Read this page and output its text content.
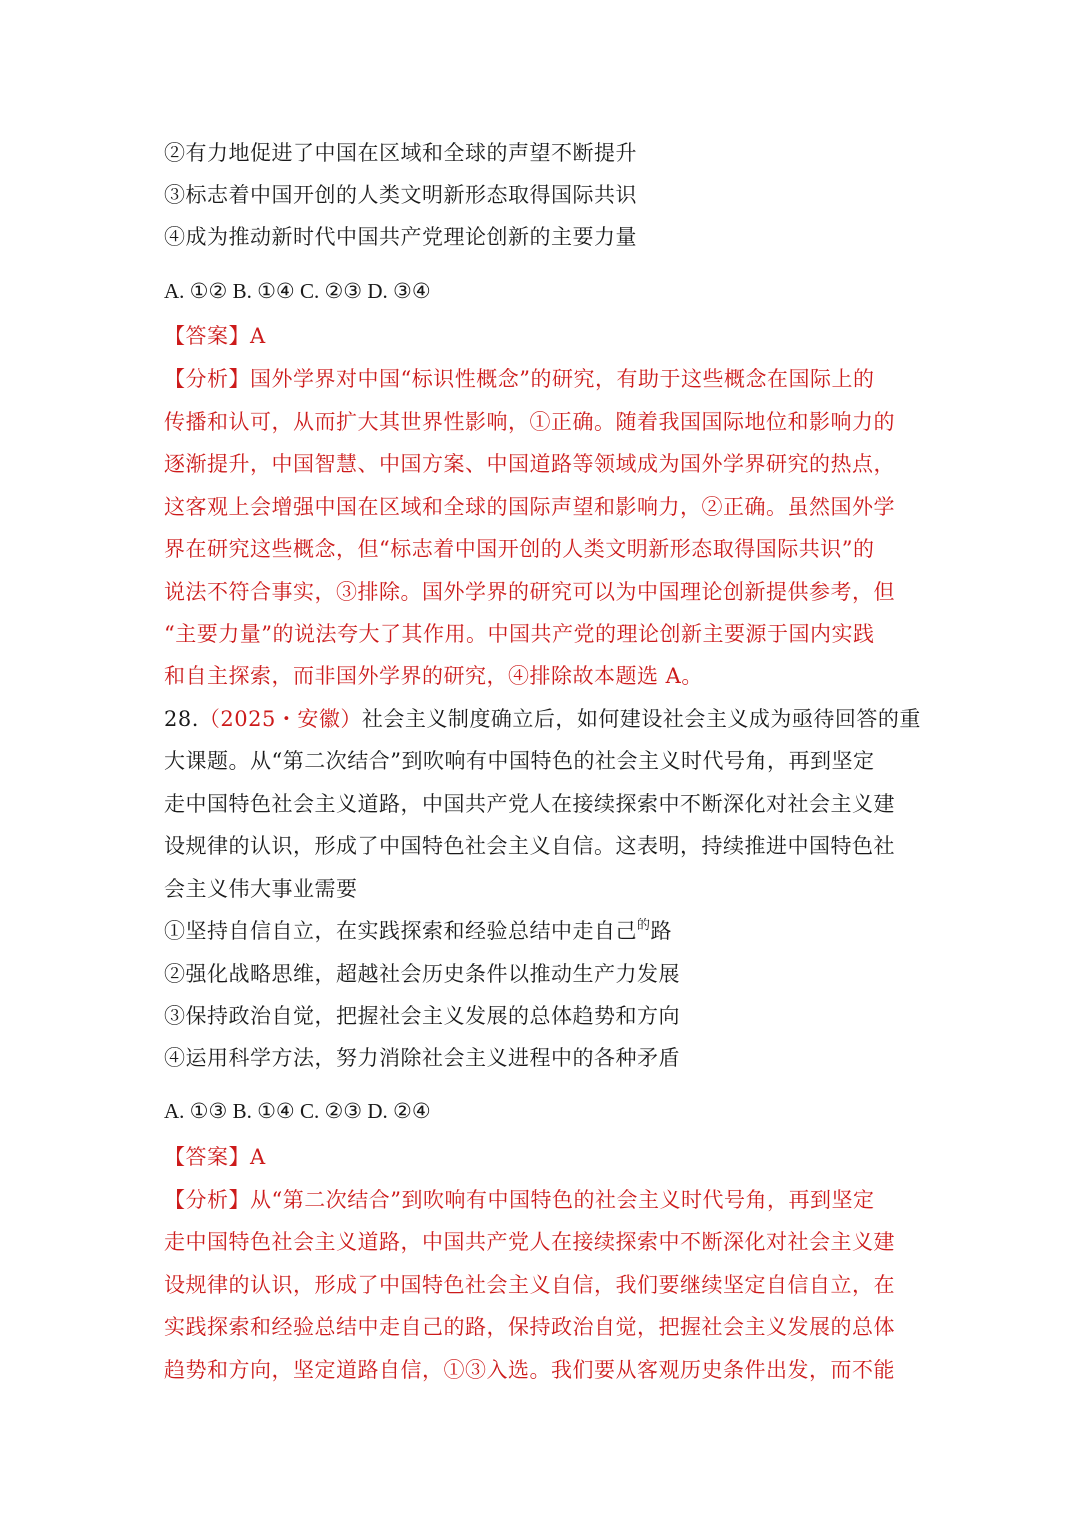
②有力地促进了中国在区域和全球的声望不断提升
③标志着中国开创的人类文明新形态取得国际共识
④成为推动新时代中国共产党理论创新的主要力量
A. ①② B. ①④ C. ②③ D. ③④
【答案】A
【分析】国外学界对中国“标识性概念”的研究，有助于这些概念在国际上的
传播和认可，从而扩大其世界性影响，①正确。随着我国国际地位和影响力的
逐渐提升，中国智慧、中国方案、中国道路等领域成为国外学界研究的热点，
这客观上会增强中国在区域和全球的国际声望和影响力，②正确。虽然国外学
界在研究这些概念，但“标志着中国开创的人类文明新形态取得国际共识”的
说法不符合事实，③排除。国外学界的研究可以为中国理论创新提供参考，但
“主要力量”的说法夸大了其作用。中国共产党的理论创新主要源于国内实践
和自主探索，而非国外学界的研究，④排除故本题选 A。
28.（2025・安徽）社会主义制度确立后，如何建设社会主义成为亟待回答的重
大课题。从“第二次结合”到吹响有中国特色的社会主义时代号角，再到坚定
走中国特色社会主义道路，中国共产党人在接续探索中不断深化对社会主义建
设规律的认识，形成了中国特色社会主义自信。这表明，持续推进中国特色社
会主义伟大事业需要
①坚持自信自立，在实践探索和经验总结中走自己$^的$路
②强化战略思维，超越社会历史条件以推动生产力发展
③保持政治自觉，把握社会主义发展的总体趋势和方向
④运用科学方法，努力消除社会主义进程中的各种矛盾
A. ①③ B. ①④ C. ②③ D. ②④
【答案】A
【分析】从“第二次结合”到吹响有中国特色的社会主义时代号角，再到坚定
走中国特色社会主义道路，中国共产党人在接续探索中不断深化对社会主义建
设规律的认识，形成了中国特色社会主义自信，我们要继续坚定自信自立，在
实践探索和经验总结中走自己的路，保持政治自觉，把握社会主义发展的总体
趋势和方向，坚定道路自信，①③入选。我们要从客观历史条件出发，而不能
